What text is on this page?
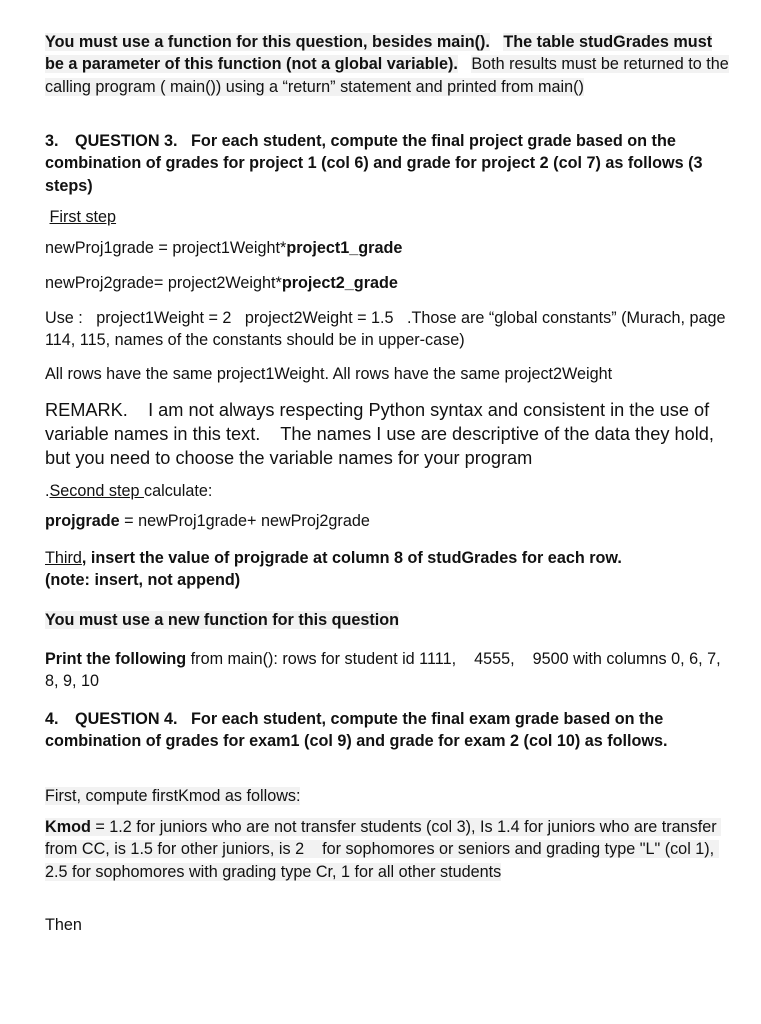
You must use a function for this question, besides main(). The table studGrades must be a parameter of this function (not a global variable). Both results must be returned to the calling program ( main()) using a “return” statement and printed from main()

3. QUESTION 3. For each student, compute the final project grade based on the combination of grades for project 1 (col 6) and grade for project 2 (col 7) as follows (3 steps)

First step

newProj1grade = project1Weight*project1_grade

newProj2grade= project2Weight*project2_grade

Use :   project1Weight = 2   project2Weight = 1.5   .Those are “global constants” (Murach, page 114, 115, names of the constants should be in upper-case)

All rows have the same project1Weight. All rows have the same project2Weight

REMARK.    I am not always respecting Python syntax and consistent in the use of variable names in this text.    The names I use are descriptive of the data they hold, but you need to choose the variable names for your program

.Second step calculate:

projgrade = newProj1grade+ newProj2grade

Third, insert the value of projgrade at column 8 of studGrades for each row.
(note: insert, not append)

You must use a new function for this question

Print the following from main(): rows for student id 1111,    4555,    9500 with columns 0, 6, 7, 8, 9, 10

4. QUESTION 4. For each student, compute the final exam grade based on the combination of grades for exam1 (col 9) and grade for exam 2 (col 10) as follows.

First, compute firstKmod as follows:

Kmod = 1.2 for juniors who are not transfer students (col 3), Is 1.4 for juniors who are transfer from CC, is 1.5 for other juniors, is 2    for sophomores or seniors and grading type "L" (col 1), 2.5 for sophomores with grading type Cr, 1 for all other students

Then
